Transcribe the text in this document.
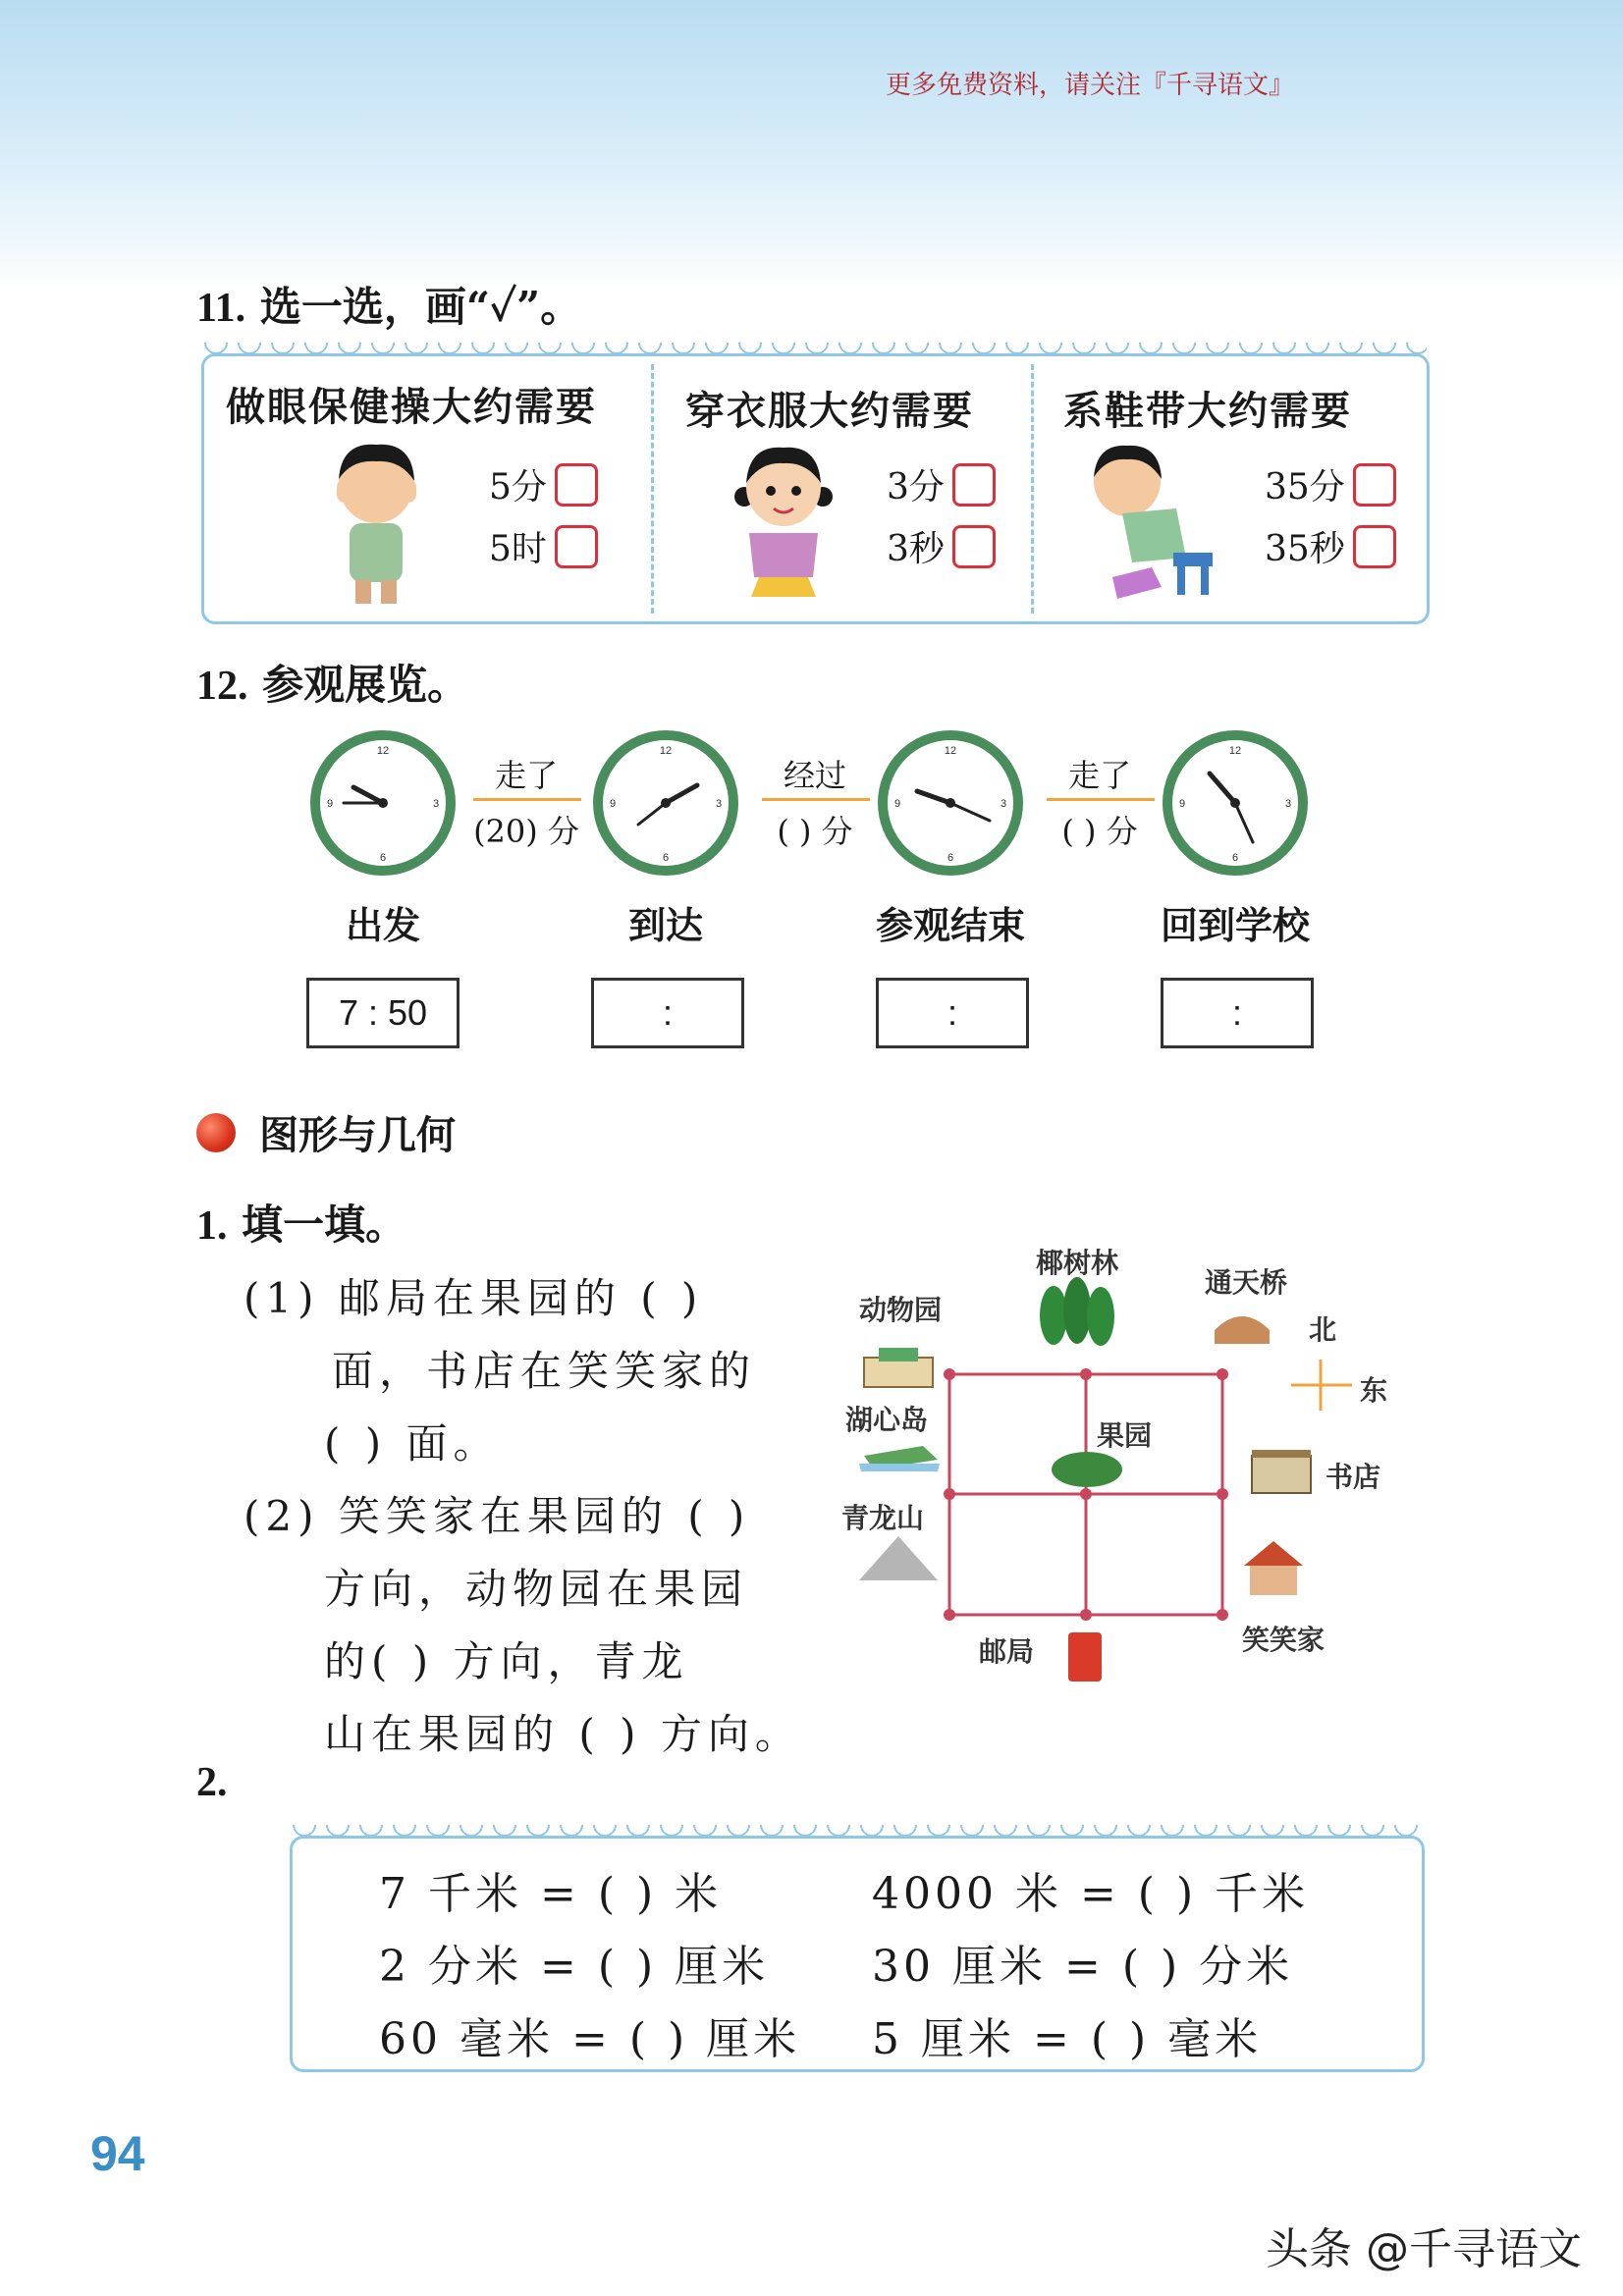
更多免费资料，请关注『千寻语文』
11. 选一选，画“✓”。
做眼保健操大约需要
5分
5时
穿衣服大约需要
3分
3秒
系鞋带大约需要
35分
35秒
12. 参观展览。
12
3
6
9
12
3
6
9
12
3
6
9
12
3
6
9
走了
(20) 分
经过
( ) 分
走了
( ) 分
出发	到达	参观结束	回到学校
7 : 50	:	:	:
图形与几何
1. 填一填。
(1) 邮局在果园的 ( )
面，书店在笑笑家的
( ) 面。
(2) 笑笑家在果园的 ( )
方向，动物园在果园
的( ) 方向，青龙
山在果园的 ( ) 方向。
椰树林
通天桥
动物园
北
东
湖心岛	果园
书店
青龙山
邮局	笑笑家
2.
7 千米 = ( ) 米	4000 米 = ( ) 千米
2 分米 = ( ) 厘米 30 厘米 = ( ) 分米
60 毫米 = ( ) 厘米 5 厘米 = ( ) 毫米
94
头条 @千寻语文
